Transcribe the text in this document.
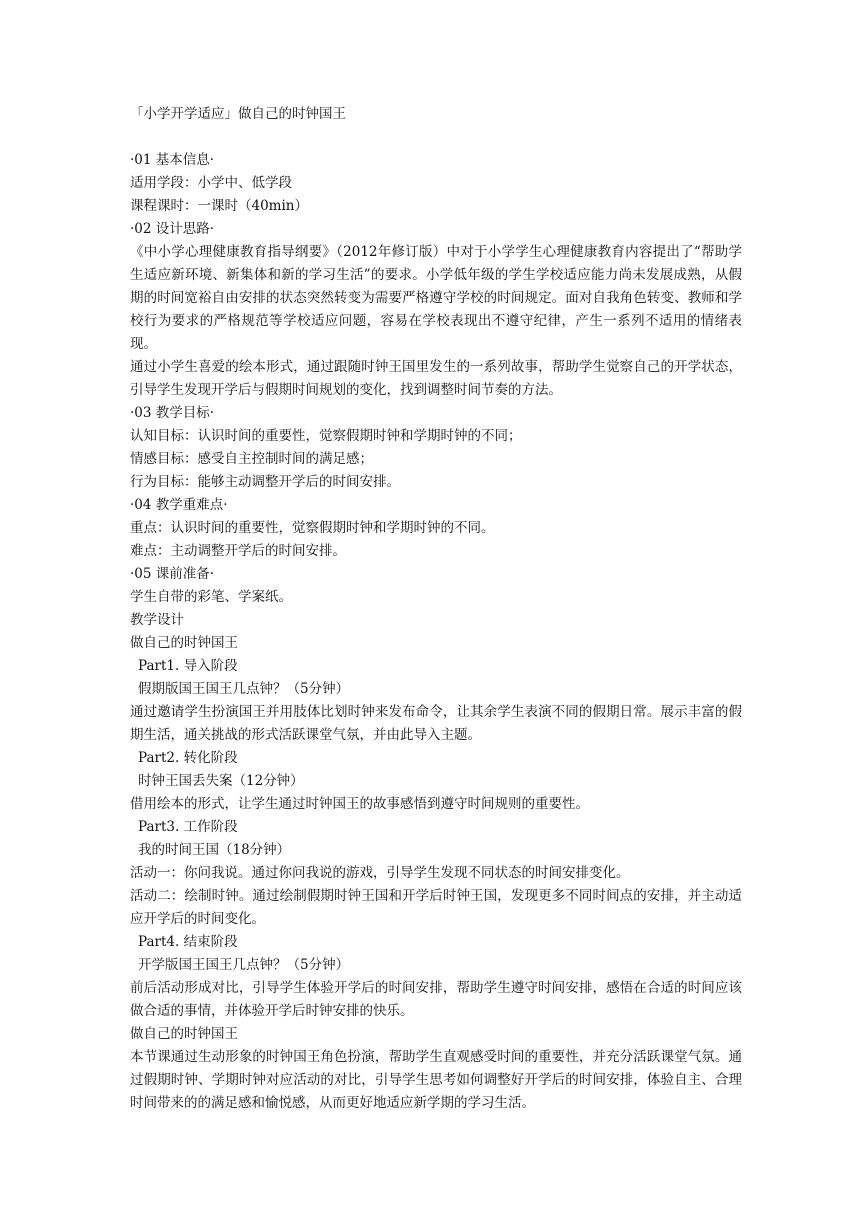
「小学开学适应」做自己的时钟国王
·01 基本信息·
适用学段：小学中、低学段
课程课时：一课时（40min）
·02 设计思路·
《中小学心理健康教育指导纲要》（2012年修订版）中对于小学学生心理健康教育内容提出了“帮助学生适应新环境、新集体和新的学习生活”的要求。小学低年级的学生学校适应能力尚未发展成熟，从假期的时间宽裕自由安排的状态突然转变为需要严格遵守学校的时间规定。面对自我角色转变、教师和学校行为要求的严格规范等学校适应问题，容易在学校表现出不遵守纪律，产生一系列不适用的情绪表现。
通过小学生喜爱的绘本形式，通过跟随时钟王国里发生的一系列故事，帮助学生觉察自己的开学状态，引导学生发现开学后与假期时间规划的变化，找到调整时间节奏的方法。
·03 教学目标·
认知目标：认识时间的重要性，觉察假期时钟和学期时钟的不同；
情感目标：感受自主控制时间的满足感；
行为目标：能够主动调整开学后的时间安排。
·04 教学重难点·
重点：认识时间的重要性，觉察假期时钟和学期时钟的不同。
难点：主动调整开学后的时间安排。
·05 课前准备·
学生自带的彩笔、学案纸。
教学设计
做自己的时钟国王
Part1. 导入阶段
假期版国王国王几点钟？（5分钟）
通过邀请学生扮演国王并用肢体比划时钟来发布命令，让其余学生表演不同的假期日常。展示丰富的假期生活，通关挑战的形式活跃课堂气氛，并由此导入主题。
Part2. 转化阶段
时钟王国丢失案（12分钟）
借用绘本的形式，让学生通过时钟国王的故事感悟到遵守时间规则的重要性。
Part3. 工作阶段
我的时间王国（18分钟）
活动一：你问我说。通过你问我说的游戏，引导学生发现不同状态的时间安排变化。
活动二：绘制时钟。通过绘制假期时钟王国和开学后时钟王国，发现更多不同时间点的安排，并主动适应开学后的时间变化。
Part4. 结束阶段
开学版国王国王几点钟？（5分钟）
前后活动形成对比，引导学生体验开学后的时间安排，帮助学生遵守时间安排，感悟在合适的时间应该做合适的事情，并体验开学后时钟安排的快乐。
做自己的时钟国王
本节课通过生动形象的时钟国王角色扮演，帮助学生直观感受时间的重要性，并充分活跃课堂气氛。通过假期时钟、学期时钟对应活动的对比，引导学生思考如何调整好开学后的时间安排，体验自主、合理时间带来的的满足感和愉悦感，从而更好地适应新学期的学习生活。
